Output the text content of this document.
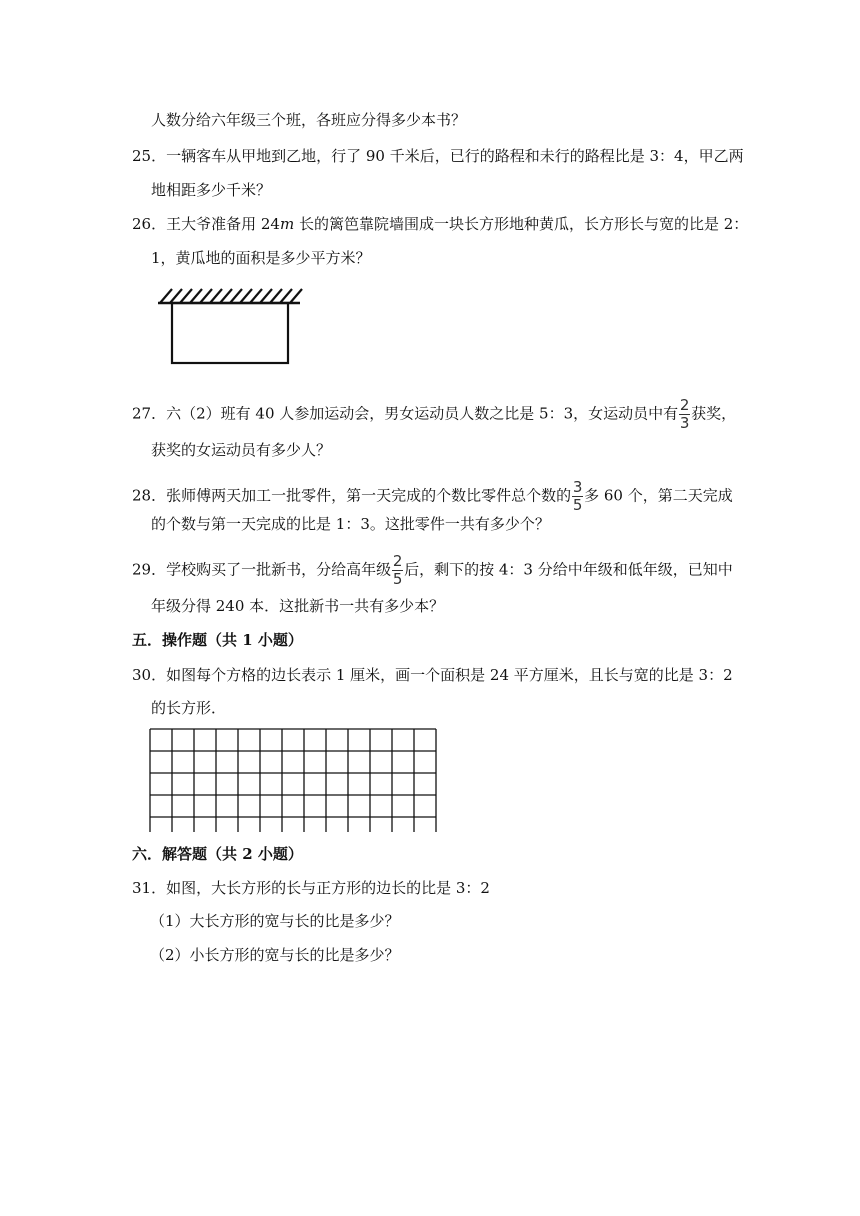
人数分给六年级三个班，各班应分得多少本书？
25．一辆客车从甲地到乙地，行了 90 千米后，已行的路程和未行的路程比是 3：4，甲乙两
地相距多少千米？
26．王大爷准备用 24m 长的篱笆靠院墙围成一块长方形地种黄瓜，长方形长与宽的比是 2：
1，黄瓜地的面积是多少平方米？
27．六（2）班有 40 人参加运动会，男女运动员人数之比是 5：3，女运动员中有 $\frac{2}{3}$ 获奖，
获奖的女运动员有多少人？
28．张师傅两天加工一批零件，第一天完成的个数比零件总个数的 $\frac{3}{5}$ 多 60 个，第二天完成
的个数与第一天完成的比是 1：3。这批零件一共有多少个？
29．学校购买了一批新书，分给高年级 $\frac{2}{5}$ 后，剩下的按 4：3 分给中年级和低年级，已知中
年级分得 240 本．这批新书一共有多少本？
五．操作题（共 1 小题）
30．如图每个方格的边长表示 1 厘米，画一个面积是 24 平方厘米，且长与宽的比是 3：2
的长方形．
六．解答题（共 2 小题）
31．如图，大长方形的长与正方形的边长的比是 3：2
（1）大长方形的宽与长的比是多少？
（2）小长方形的宽与长的比是多少？
